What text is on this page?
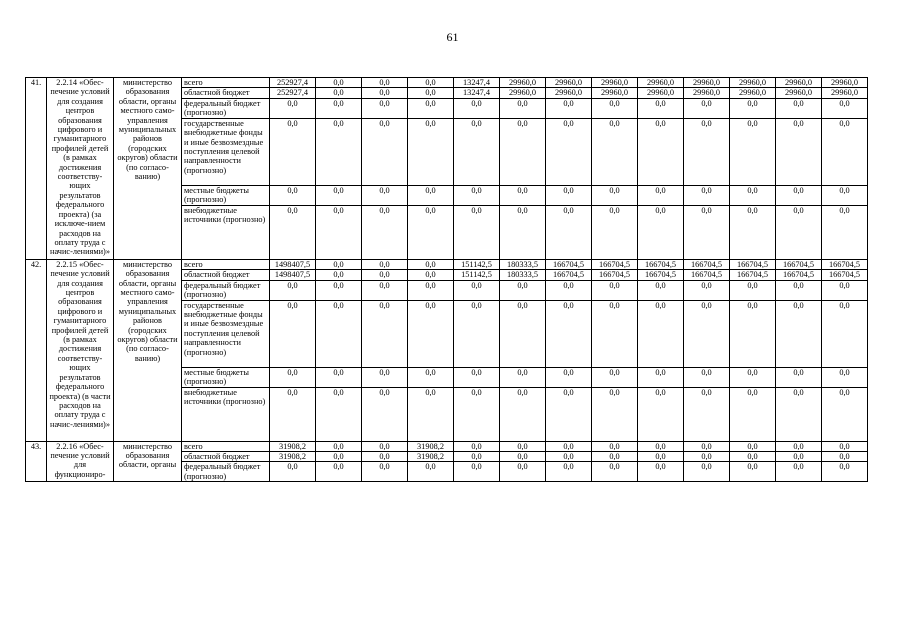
61
41.	2.2.14 «Обес-печение условий для создания центров образования цифрового и гуманитарного профилей детей (в рамках достижения соответству-ющих результатов федерального проекта) (за исключе-нием расходов на оплату труда с начис-лениями)»	министерство образования области, органы местного само-управления муниципальных районов (городских округов) области (по согласо-ванию)	всего	252927,4	0,0	0,0	0,0	13247,4	29960,0	29960,0	29960,0	29960,0	29960,0	29960,0	29960,0	29960,0
			областной бюджет	252927,4	0,0	0,0	0,0	13247,4	29960,0	29960,0	29960,0	29960,0	29960,0	29960,0	29960,0	29960,0
			федеральный бюджет (прогнозно)	0,0	0,0	0,0	0,0	0,0	0,0	0,0	0,0	0,0	0,0	0,0	0,0	0,0
			государственные внебюджетные фонды и иные безвозмездные поступления целевой направленности (прогнозно)	0,0	0,0	0,0	0,0	0,0	0,0	0,0	0,0	0,0	0,0	0,0	0,0	0,0
			местные бюджеты (прогнозно)	0,0	0,0	0,0	0,0	0,0	0,0	0,0	0,0	0,0	0,0	0,0	0,0	0,0
			внебюджетные источники (прогнозно)	0,0	0,0	0,0	0,0	0,0	0,0	0,0	0,0	0,0	0,0	0,0	0,0	0,0
42.	2.2.15 «Обес-печение условий для создания центров образования цифрового и гуманитарного профилей детей (в рамках достижения соответству-ющих результатов федерального проекта) (в части расходов на оплату труда с начис-лениями)»	министерство образования области, органы местного само-управления муниципальных районов (городских округов) области (по согласо-ванию)	всего	1498407,5	0,0	0,0	0,0	151142,5	180333,5	166704,5	166704,5	166704,5	166704,5	166704,5	166704,5	166704,5
			областной бюджет	1498407,5	0,0	0,0	0,0	151142,5	180333,5	166704,5	166704,5	166704,5	166704,5	166704,5	166704,5	166704,5
			федеральный бюджет (прогнозно)	0,0	0,0	0,0	0,0	0,0	0,0	0,0	0,0	0,0	0,0	0,0	0,0	0,0
			государственные внебюджетные фонды и иные безвозмездные поступления целевой направленности (прогнозно)	0,0	0,0	0,0	0,0	0,0	0,0	0,0	0,0	0,0	0,0	0,0	0,0	0,0
			местные бюджеты (прогнозно)	0,0	0,0	0,0	0,0	0,0	0,0	0,0	0,0	0,0	0,0	0,0	0,0	0,0
			внебюджетные источники (прогнозно)	0,0	0,0	0,0	0,0	0,0	0,0	0,0	0,0	0,0	0,0	0,0	0,0	0,0
43.	2.2.16 «Обес-печение условий для функциониро-	министерство образования области, органы	всего	31908,2	0,0	0,0	31908,2	0,0	0,0	0,0	0,0	0,0	0,0	0,0	0,0	0,0
			областной бюджет	31908,2	0,0	0,0	31908,2	0,0	0,0	0,0	0,0	0,0	0,0	0,0	0,0	0,0
			федеральный бюджет (прогнозно)	0,0	0,0	0,0	0,0	0,0	0,0	0,0	0,0	0,0	0,0	0,0	0,0	0,0
